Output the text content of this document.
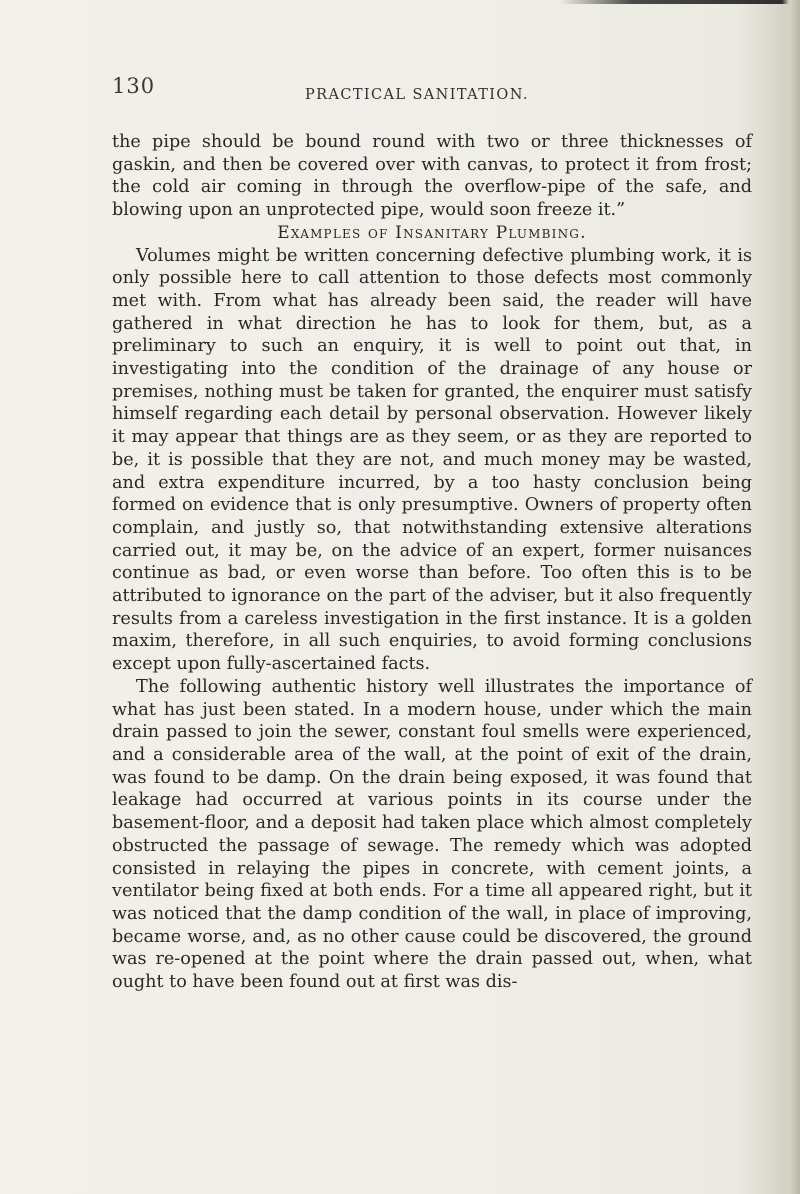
130	PRACTICAL SANITATION.

the pipe should be bound round with two or three thicknesses of gaskin, and then be covered over with canvas, to protect it from frost; the cold air coming in through the overflow-pipe of the safe, and blowing upon an unprotected pipe, would soon freeze it.”

Examples of Insanitary Plumbing.

Volumes might be written concerning defective plumbing work, it is only possible here to call attention to those defects most commonly met with. From what has already been said, the reader will have gathered in what direction he has to look for them, but, as a preliminary to such an enquiry, it is well to point out that, in investigating into the condition of the drainage of any house or premises, nothing must be taken for granted, the enquirer must satisfy himself regarding each detail by personal observation. However likely it may appear that things are as they seem, or as they are reported to be, it is possible that they are not, and much money may be wasted, and extra expenditure incurred, by a too hasty conclusion being formed on evidence that is only presumptive. Owners of property often complain, and justly so, that notwithstanding extensive alterations carried out, it may be, on the advice of an expert, former nuisances continue as bad, or even worse than before. Too often this is to be attributed to ignorance on the part of the adviser, but it also frequently results from a careless investigation in the first instance. It is a golden maxim, therefore, in all such enquiries, to avoid forming conclusions except upon fully-ascertained facts.

The following authentic history well illustrates the importance of what has just been stated. In a modern house, under which the main drain passed to join the sewer, constant foul smells were experienced, and a considerable area of the wall, at the point of exit of the drain, was found to be damp. On the drain being exposed, it was found that leakage had occurred at various points in its course under the basement-floor, and a deposit had taken place which almost completely obstructed the passage of sewage. The remedy which was adopted consisted in relaying the pipes in concrete, with cement joints, a ventilator being fixed at both ends. For a time all appeared right, but it was noticed that the damp condition of the wall, in place of improving, became worse, and, as no other cause could be discovered, the ground was re-opened at the point where the drain passed out, when, what ought to have been found out at first was dis-
